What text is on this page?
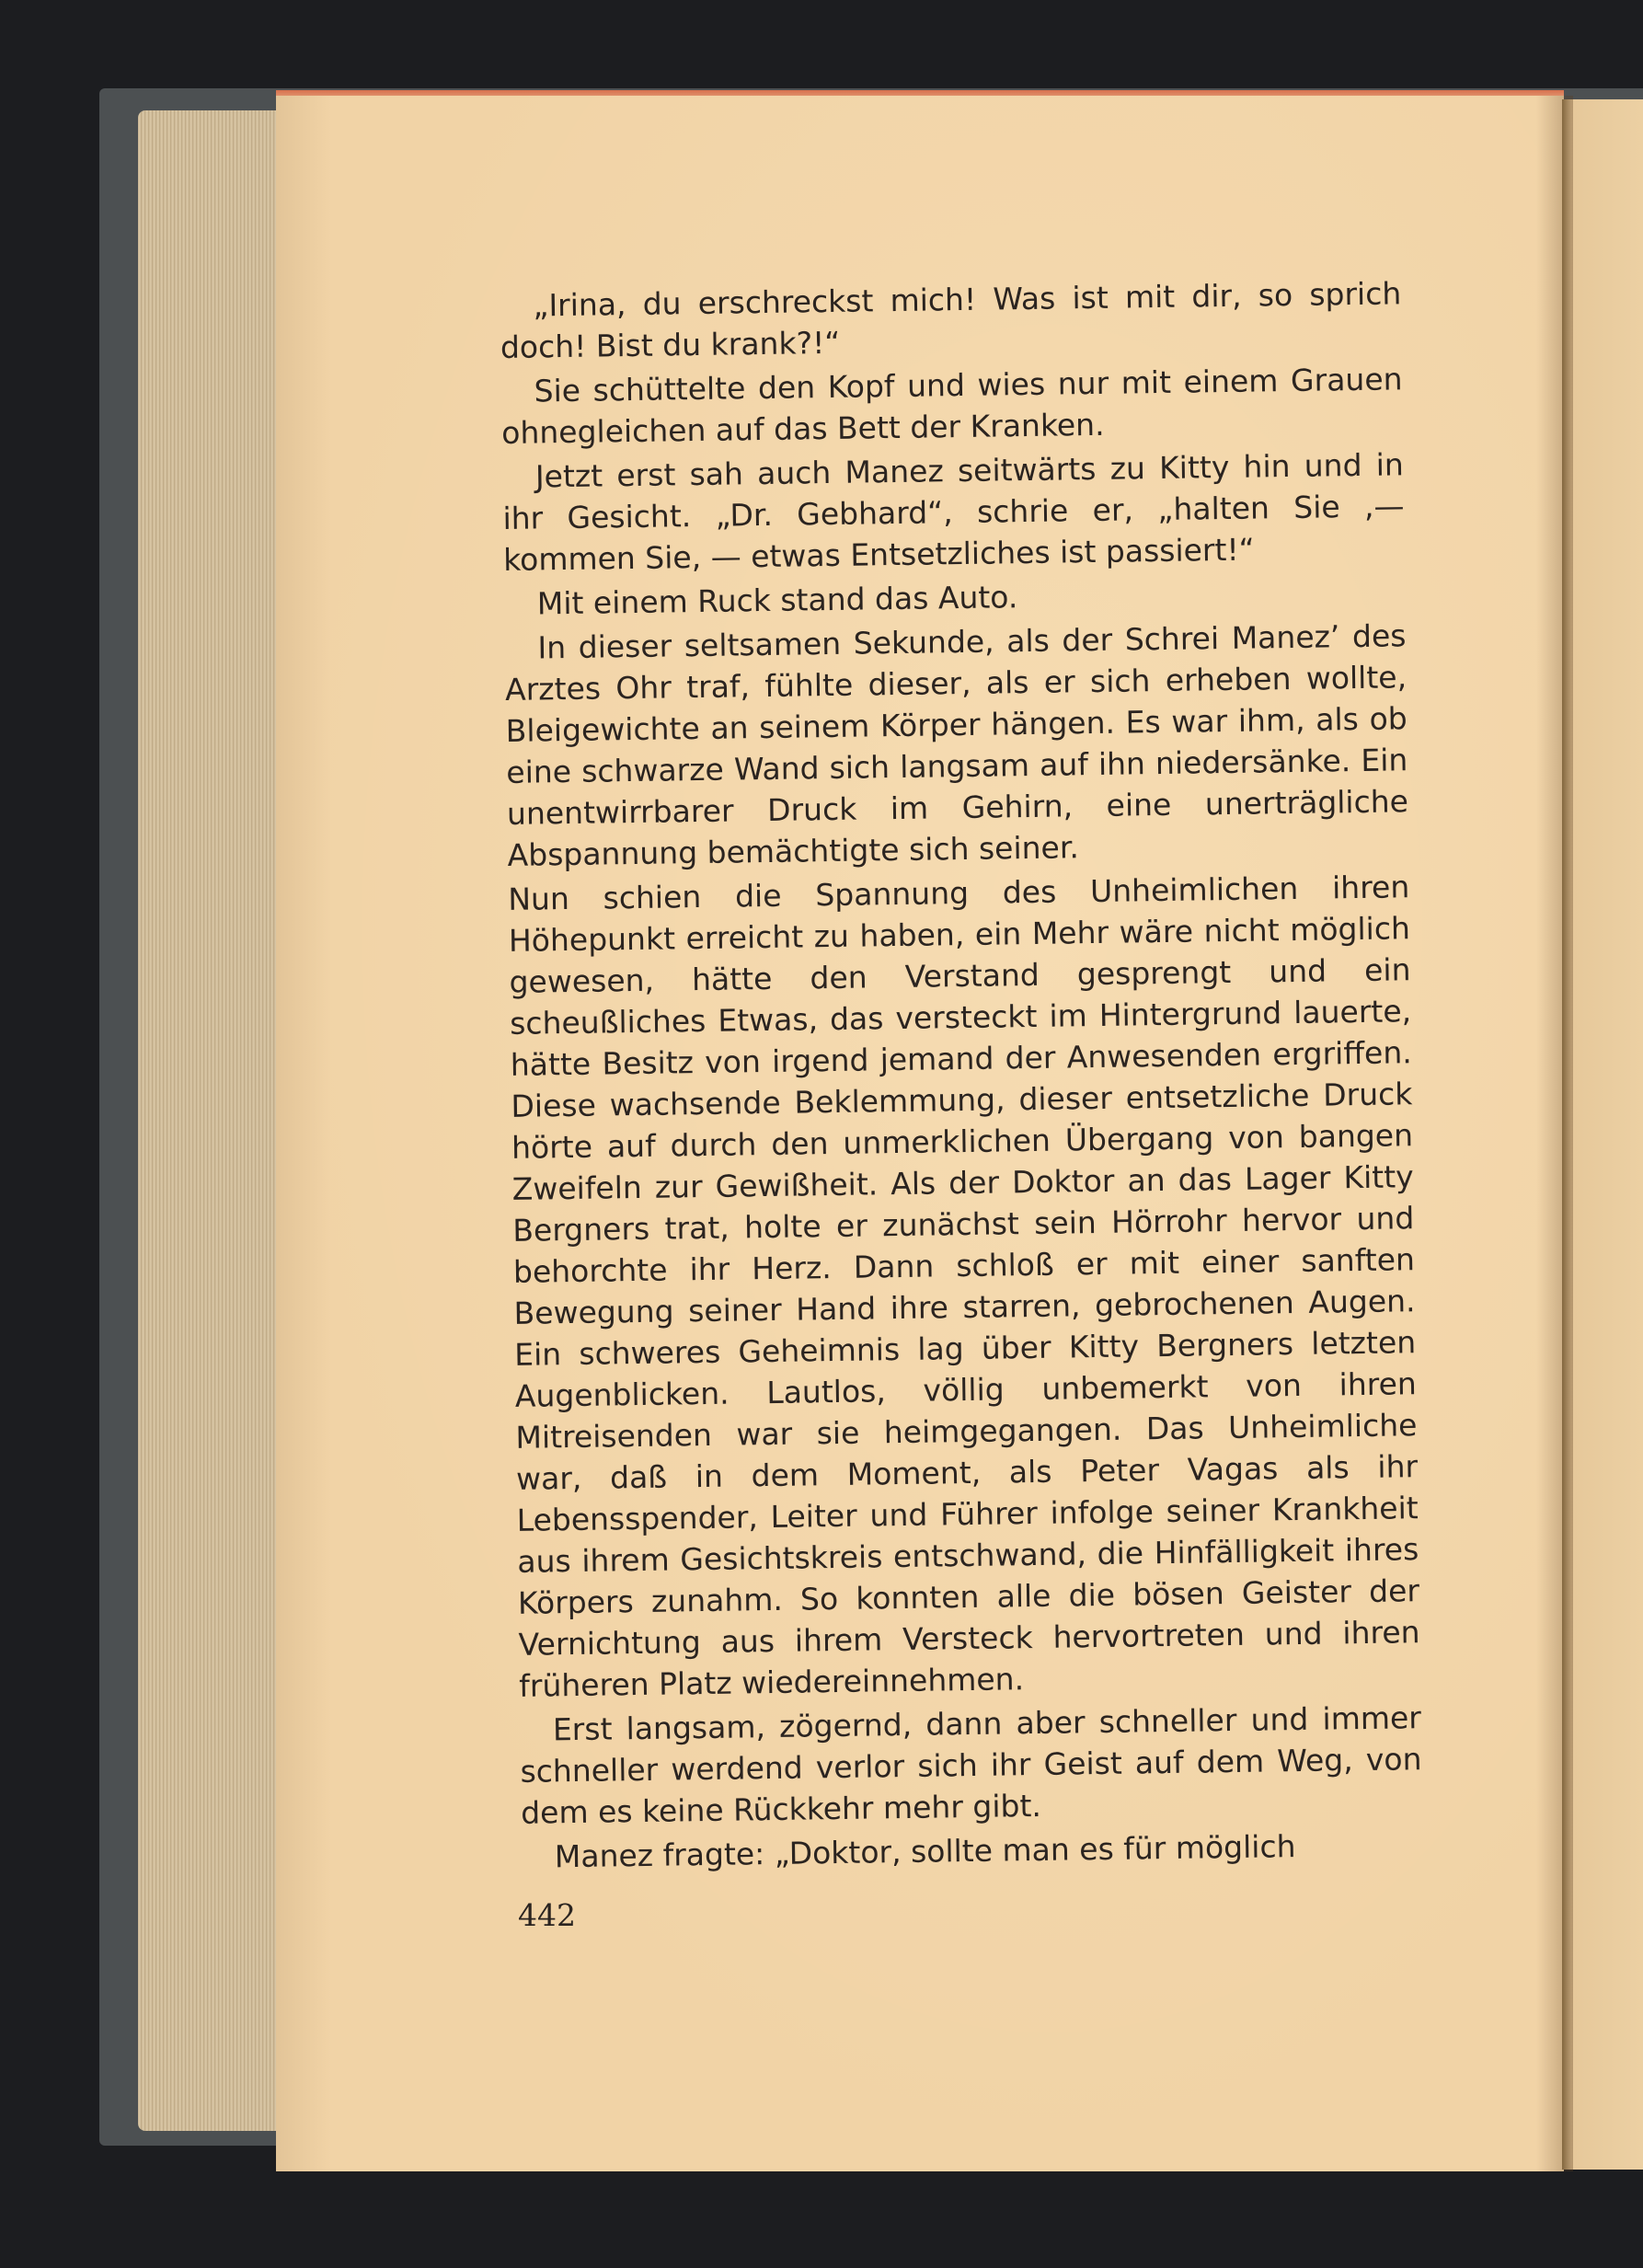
„Irina, du erschreckst mich! Was ist mit dir, so sprich doch! Bist du krank?!“

Sie schüttelte den Kopf und wies nur mit einem Grauen ohnegleichen auf das Bett der Kranken.

Jetzt erst sah auch Manez seitwärts zu Kitty hin und in ihr Gesicht. „Dr. Gebhard“, schrie er, „halten Sie ,— kommen Sie, — etwas Entsetzliches ist passiert!“

Mit einem Ruck stand das Auto.

In dieser seltsamen Sekunde, als der Schrei Manez’ des Arztes Ohr traf, fühlte dieser, als er sich erheben wollte, Bleigewichte an seinem Körper hängen. Es war ihm, als ob eine schwarze Wand sich langsam auf ihn niedersänke. Ein unentwirrbarer Druck im Gehirn, eine unerträgliche Abspannung bemächtigte sich seiner.

Nun schien die Spannung des Unheimlichen ihren Höhepunkt erreicht zu haben, ein Mehr wäre nicht möglich gewesen, hätte den Verstand gesprengt und ein scheußliches Etwas, das versteckt im Hintergrund lauerte, hätte Besitz von irgend jemand der Anwesenden ergriffen. Diese wachsende Beklemmung, dieser entsetzliche Druck hörte auf durch den unmerklichen Übergang von bangen Zweifeln zur Gewißheit. Als der Doktor an das Lager Kitty Bergners trat, holte er zunächst sein Hörrohr hervor und behorchte ihr Herz. Dann schloß er mit einer sanften Bewegung seiner Hand ihre starren, gebrochenen Augen. Ein schweres Geheimnis lag über Kitty Bergners letzten Augenblicken. Lautlos, völlig unbemerkt von ihren Mitreisenden war sie heimgegangen. Das Unheimliche war, daß in dem Moment, als Peter Vagas als ihr Lebensspender, Leiter und Führer infolge seiner Krankheit aus ihrem Gesichtskreis entschwand, die Hinfälligkeit ihres Körpers zunahm. So konnten alle die bösen Geister der Vernichtung aus ihrem Versteck hervortreten und ihren früheren Platz wiedereinnehmen.

Erst langsam, zögernd, dann aber schneller und immer schneller werdend verlor sich ihr Geist auf dem Weg, von dem es keine Rückkehr mehr gibt.

Manez fragte: „Doktor, sollte man es für möglich

442
